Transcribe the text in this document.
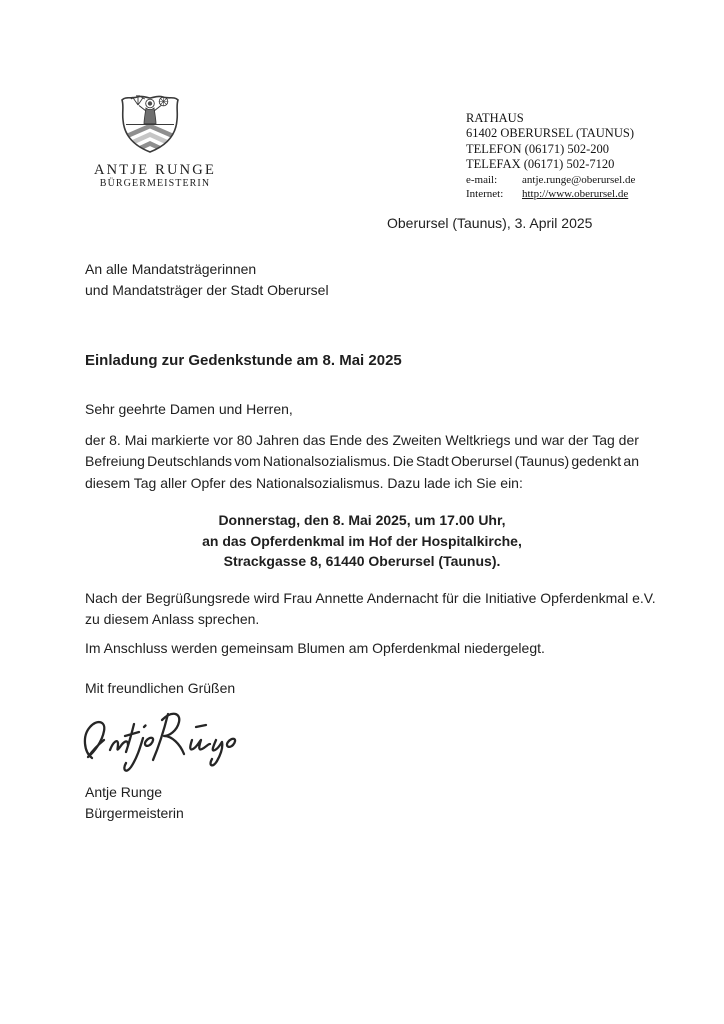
ANTJE RUNGE
BÜRGERMEISTERIN
RATHAUS
61402 OBERURSEL (TAUNUS)
TELEFON (06171) 502-200
TELEFAX (06171) 502-7120
e-mail: antje.runge@oberursel.de
Internet: http://www.oberursel.de
Oberursel (Taunus), 3. April 2025
An alle Mandatsträgerinnen
und Mandatsträger der Stadt Oberursel
Einladung zur Gedenkstunde am 8. Mai 2025
Sehr geehrte Damen und Herren,
der 8. Mai markierte vor 80 Jahren das Ende des Zweiten Weltkriegs und war der Tag der
Befreiung Deutschlands vom Nationalsozialismus. Die Stadt Oberursel (Taunus) gedenkt an
diesem Tag aller Opfer des Nationalsozialismus. Dazu lade ich Sie ein:
Donnerstag, den 8. Mai 2025, um 17.00 Uhr,
an das Opferdenkmal im Hof der Hospitalkirche,
Strackgasse 8, 61440 Oberursel (Taunus).
Nach der Begrüßungsrede wird Frau Annette Andernacht für die Initiative Opferdenkmal e.V.
zu diesem Anlass sprechen.
Im Anschluss werden gemeinsam Blumen am Opferdenkmal niedergelegt.
Mit freundlichen Grüßen
Antje Runge
Bürgermeisterin
